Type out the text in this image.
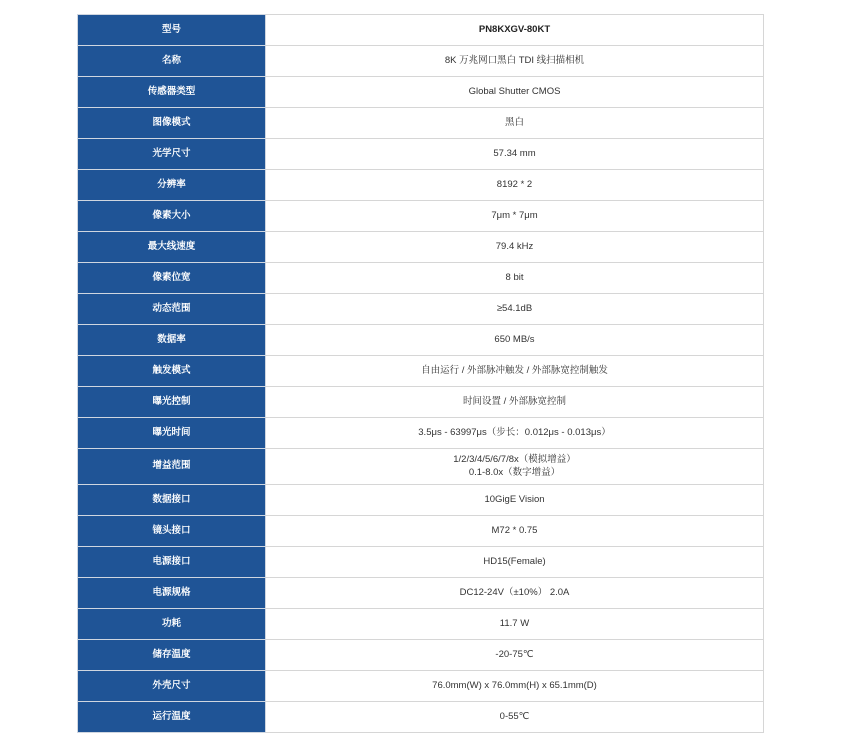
型号	PN8KXGV-80KT

名称	8K 万兆网口黑白 TDI 线扫描相机

传感器类型	Global Shutter CMOS

图像模式	黑白

光学尺寸	57.34 mm

分辨率	8192 * 2

像素大小	7μm * 7μm

最大线速度	79.4 kHz

像素位宽	8 bit

动态范围	≥54.1dB

数据率	650 MB/s

触发模式	自由运行 / 外部脉冲触发 / 外部脉宽控制触发

曝光控制	时间设置 / 外部脉宽控制

曝光时间	3.5μs - 63997μs（步长：0.012μs - 0.013μs）

增益范围	1/2/3/4/5/6/7/8x（模拟增益）
0.1-8.0x（数字增益）

数据接口	10GigE Vision

镜头接口	M72 * 0.75

电源接口	HD15(Female)

电源规格	DC12-24V（±10%） 2.0A

功耗	11.7 W

储存温度	-20-75℃

外壳尺寸	76.0mm(W) x 76.0mm(H) x 65.1mm(D)

运行温度	0-55℃
